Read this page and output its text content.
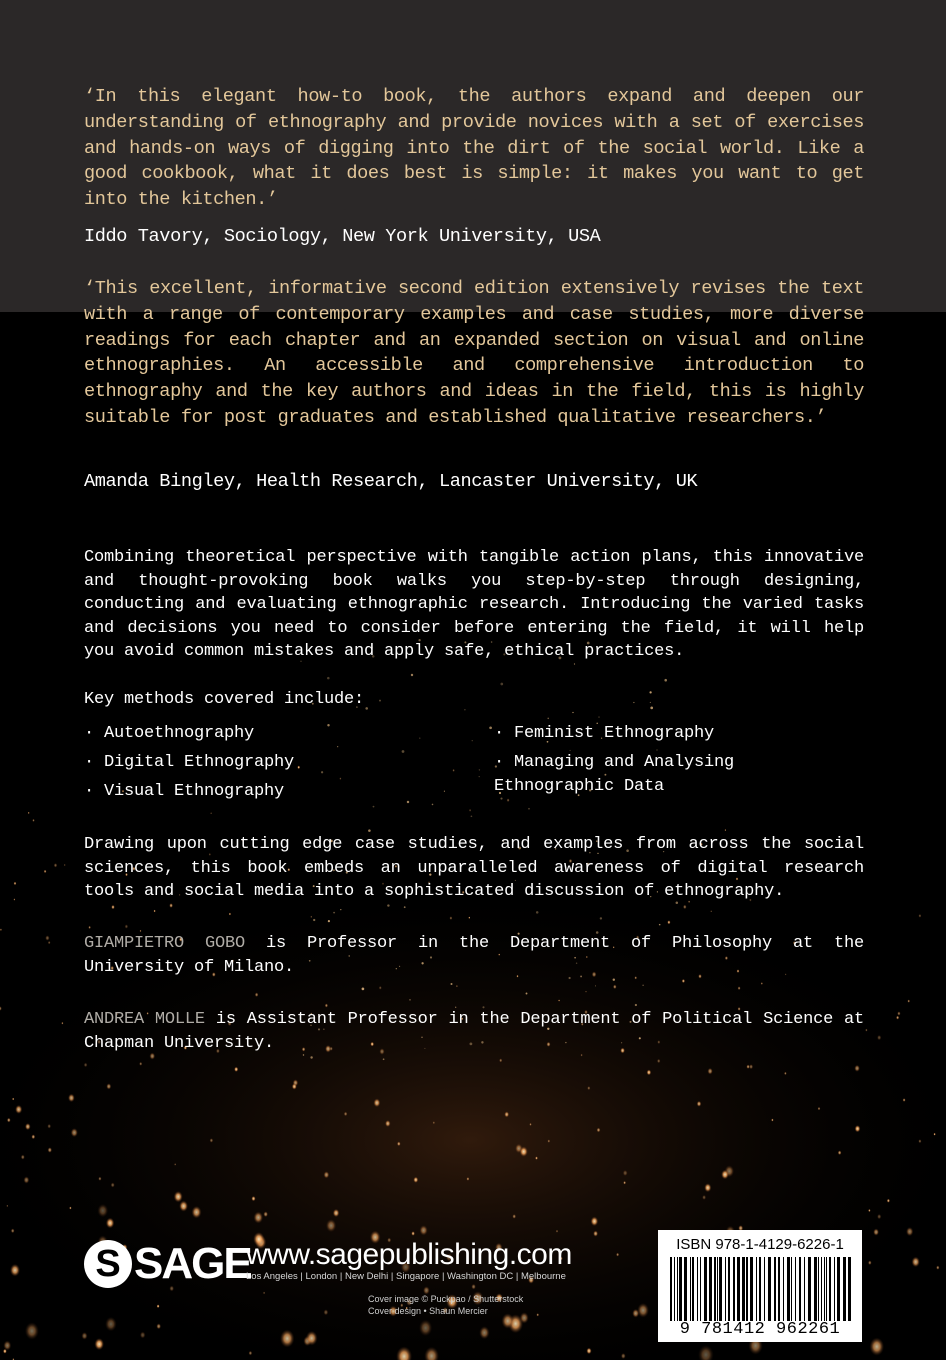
‘In this elegant how-to book, the authors expand and deepen our understanding of ethnography and provide novices with a set of exercises and hands-on ways of digging into the dirt of the social world. Like a good cookbook, what it does best is simple: it makes you want to get into the kitchen.’

Iddo Tavory, Sociology, New York University, USA

‘This excellent, informative second edition extensively revises the text with a range of contemporary examples and case studies, more diverse readings for each chapter and an expanded section on visual and online ethnographies. An accessible and comprehensive introduction to ethnography and the key authors and ideas in the field, this is highly suitable for post graduates and established qualitative researchers.’

Amanda Bingley, Health Research, Lancaster University, UK

Combining theoretical perspective with tangible action plans, this innovative and thought-provoking book walks you step-by-step through designing, conducting and evaluating ethnographic research. Introducing the varied tasks and decisions you need to consider before entering the field, it will help you avoid common mistakes and apply safe, ethical practices.

Key methods covered include:

· Autoethnography

· Digital Ethnography

· Visual Ethnography

· Feminist Ethnography

· Managing and Analysing
Ethnographic Data

Drawing upon cutting edge case studies, and examples from across the social sciences, this book embeds an unparalleled awareness of digital research tools and social media into a sophisticated discussion of ethnography.

GIAMPIETRO GOBO is Professor in the Department of Philosophy at the University of Milano.

ANDREA MOLLE is Assistant Professor in the Department of Political Science at Chapman University.

S SAGE
www.sagepublishing.com
Los Angeles | London | New Delhi | Singapore | Washington DC | Melbourne

Cover image © Puckpao / Shutterstock

Cover design • Shaun Mercier

ISBN 978-1-4129-6226-1
9 781412 962261
